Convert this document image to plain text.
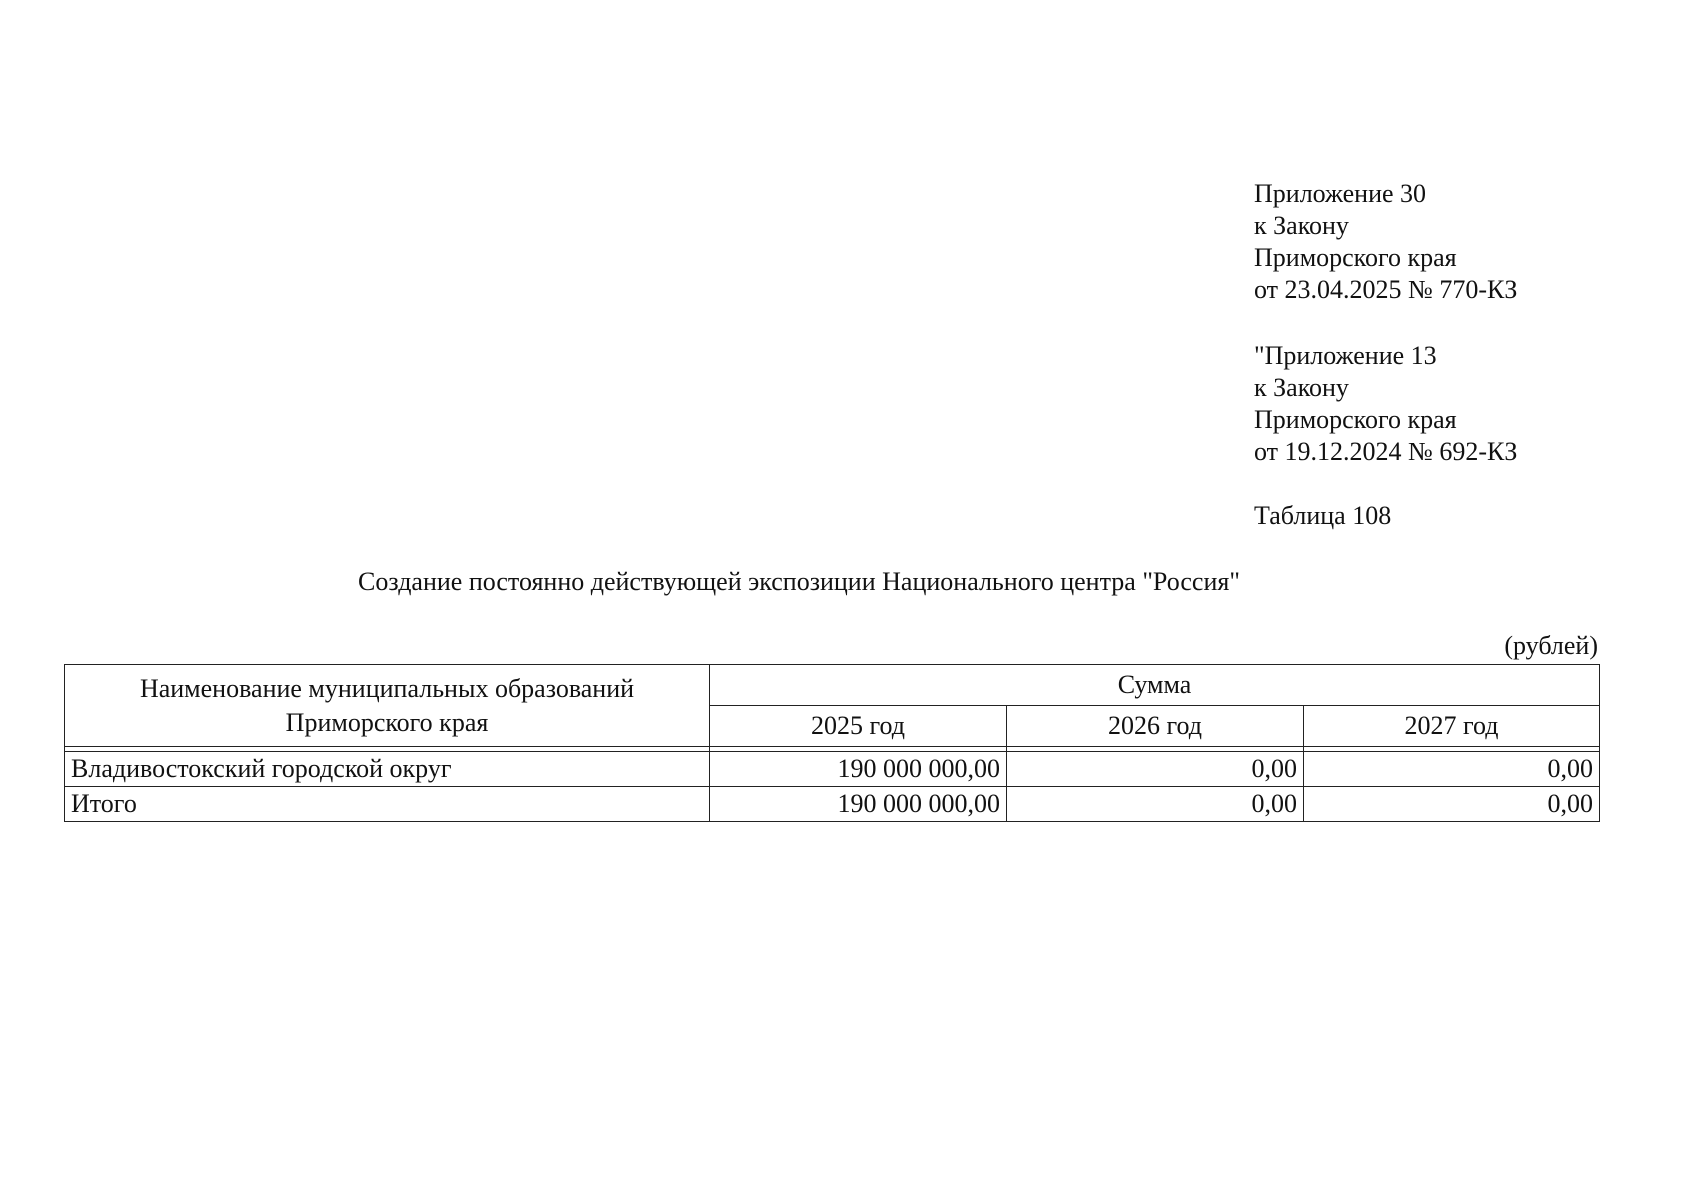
Приложение 30
к Закону
Приморского края
от 23.04.2025 № 770-КЗ
"Приложение 13
к Закону
Приморского края
от 19.12.2024 № 692-КЗ
Таблица 108
Создание постоянно действующей экспозиции Национального центра "Россия"
(рублей)
Наименование муниципальных образований
Приморского края	Сумма		
	2025 год	2026 год	2027 год

Владивостокский городской округ	190 000 000,00	0,00	0,00
Итого	190 000 000,00	0,00	0,00
